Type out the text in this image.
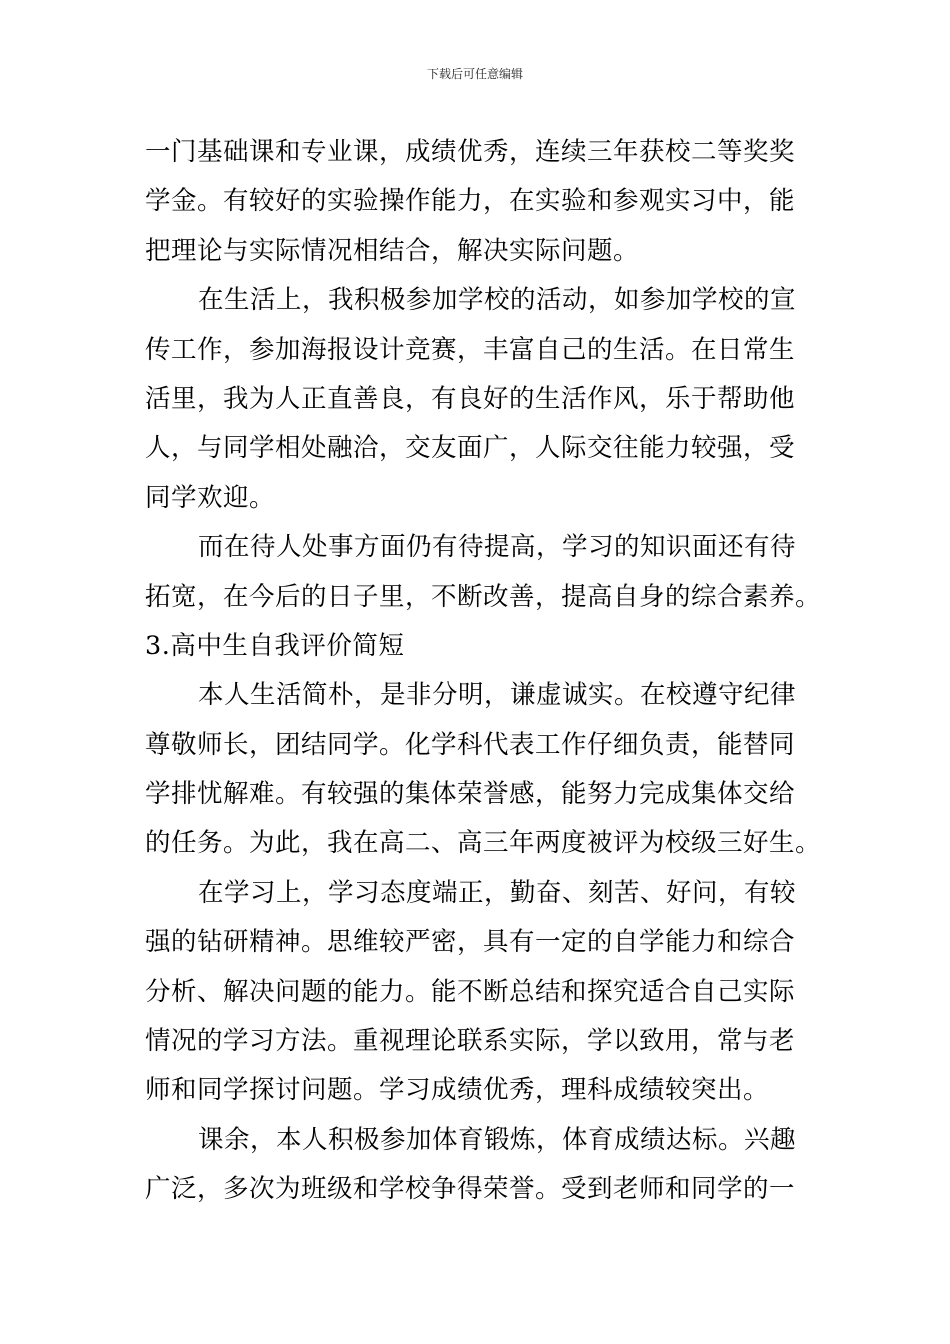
下载后可任意编辑
一门基础课和专业课，成绩优秀，连续三年获校二等奖奖
学金。有较好的实验操作能力，在实验和参观实习中，能
把理论与实际情况相结合，解决实际问题。
在生活上，我积极参加学校的活动，如参加学校的宣
传工作，参加海报设计竞赛，丰富自己的生活。在日常生
活里，我为人正直善良，有良好的生活作风，乐于帮助他
人，与同学相处融洽，交友面广，人际交往能力较强，受
同学欢迎。
而在待人处事方面仍有待提高，学习的知识面还有待
拓宽，在今后的日子里，不断改善，提高自身的综合素养。
3.高中生自我评价简短
本人生活简朴，是非分明，谦虚诚实。在校遵守纪律
尊敬师长，团结同学。化学科代表工作仔细负责，能替同
学排忧解难。有较强的集体荣誉感，能努力完成集体交给
的任务。为此，我在高二、高三年两度被评为校级三好生。
在学习上，学习态度端正，勤奋、刻苦、好问，有较
强的钻研精神。思维较严密，具有一定的自学能力和综合
分析、解决问题的能力。能不断总结和探究适合自己实际
情况的学习方法。重视理论联系实际，学以致用，常与老
师和同学探讨问题。学习成绩优秀，理科成绩较突出。
课余，本人积极参加体育锻炼，体育成绩达标。兴趣
广泛，多次为班级和学校争得荣誉。受到老师和同学的一
